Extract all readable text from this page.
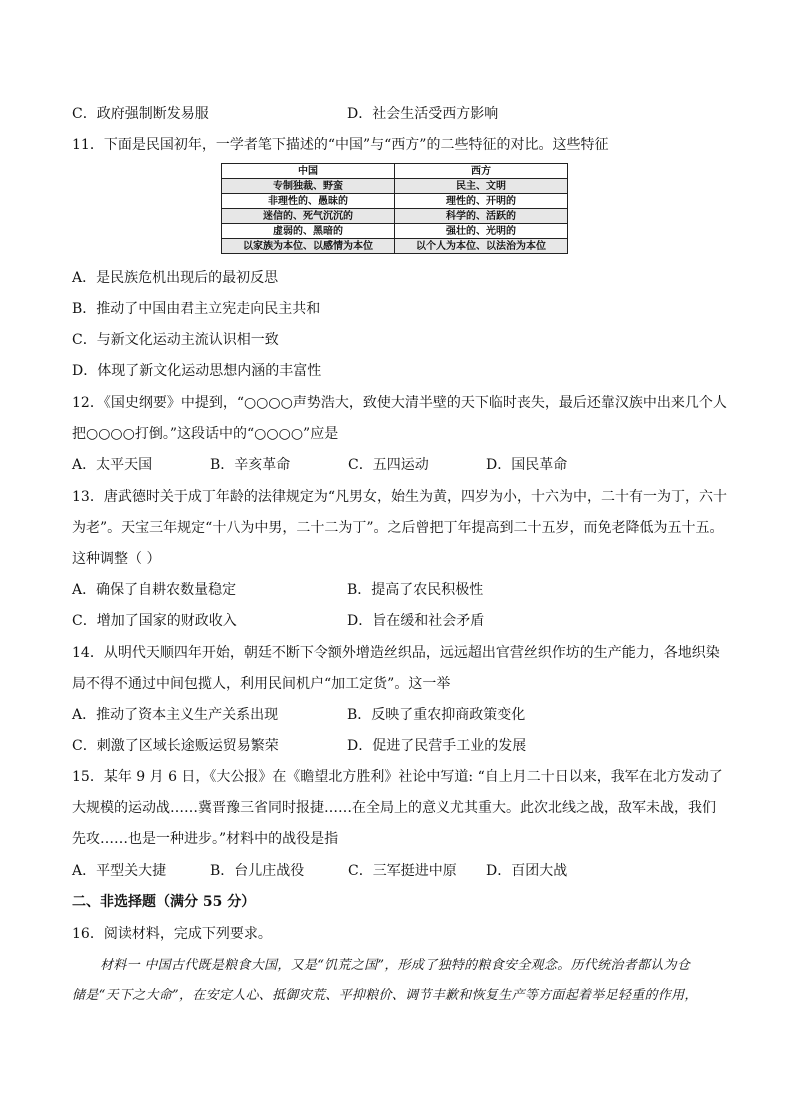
C．政府强制断发易服	D．社会生活受西方影响
11．下面是民国初年，一学者笔下描述的“中国”与“西方”的二些特征的对比。这些特征
中国	西方
专制独裁、野蛮	民主、文明
非理性的、愚昧的	理性的、开明的
迷信的、死气沉沉的	科学的、活跃的
虚弱的、黑暗的	强壮的、光明的
以家族为本位、以感情为本位	以个人为本位、以法治为本位
A．是民族危机出现后的最初反思
B．推动了中国由君主立宪走向民主共和
C．与新文化运动主流认识相一致
D．体现了新文化运动思想内涵的丰富性
12．《国史纲要》中提到，“○○○○声势浩大，致使大清半壁的天下临时丧失，最后还靠汉族中出来几个人
把○○○○打倒。”这段话中的“○○○○”应是
A．太平天国	B．辛亥革命	C．五四运动	D．国民革命
13．唐武德时关于成丁年龄的法律规定为“凡男女，始生为黄，四岁为小，十六为中，二十有一为丁，六十
为老”。天宝三年规定“十八为中男，二十二为丁”。之后曾把丁年提高到二十五岁，而免老降低为五十五。
这种调整（ ）
A．确保了自耕农数量稳定	B．提高了农民积极性
C．增加了国家的财政收入	D．旨在缓和社会矛盾
14．从明代天顺四年开始，朝廷不断下令额外增造丝织品，远远超出官营丝织作坊的生产能力，各地织染
局不得不通过中间包揽人，利用民间机户“加工定货”。这一举
A．推动了资本主义生产关系出现	B．反映了重农抑商政策变化
C．刺激了区域长途贩运贸易繁荣	D．促进了民营手工业的发展
15．某年 9 月 6 日，《大公报》在《瞻望北方胜利》社论中写道: “自上月二十日以来，我军在北方发动了
大规模的运动战……冀晋豫三省同时报捷……在全局上的意义尤其重大。此次北线之战，敌军未战，我们
先攻……也是一种进步。”材料中的战役是指
A．平型关大捷	B．台儿庄战役	C．三军挺进中原	D．百团大战
二、非选择题（满分 55 分）
16．阅读材料，完成下列要求。
材料一 中国古代既是粮食大国，又是“饥荒之国”，形成了独特的粮食安全观念。历代统治者都认为仓
储是“天下之大命”，在安定人心、抵御灾荒、平抑粮价、调节丰歉和恢复生产等方面起着举足轻重的作用，
